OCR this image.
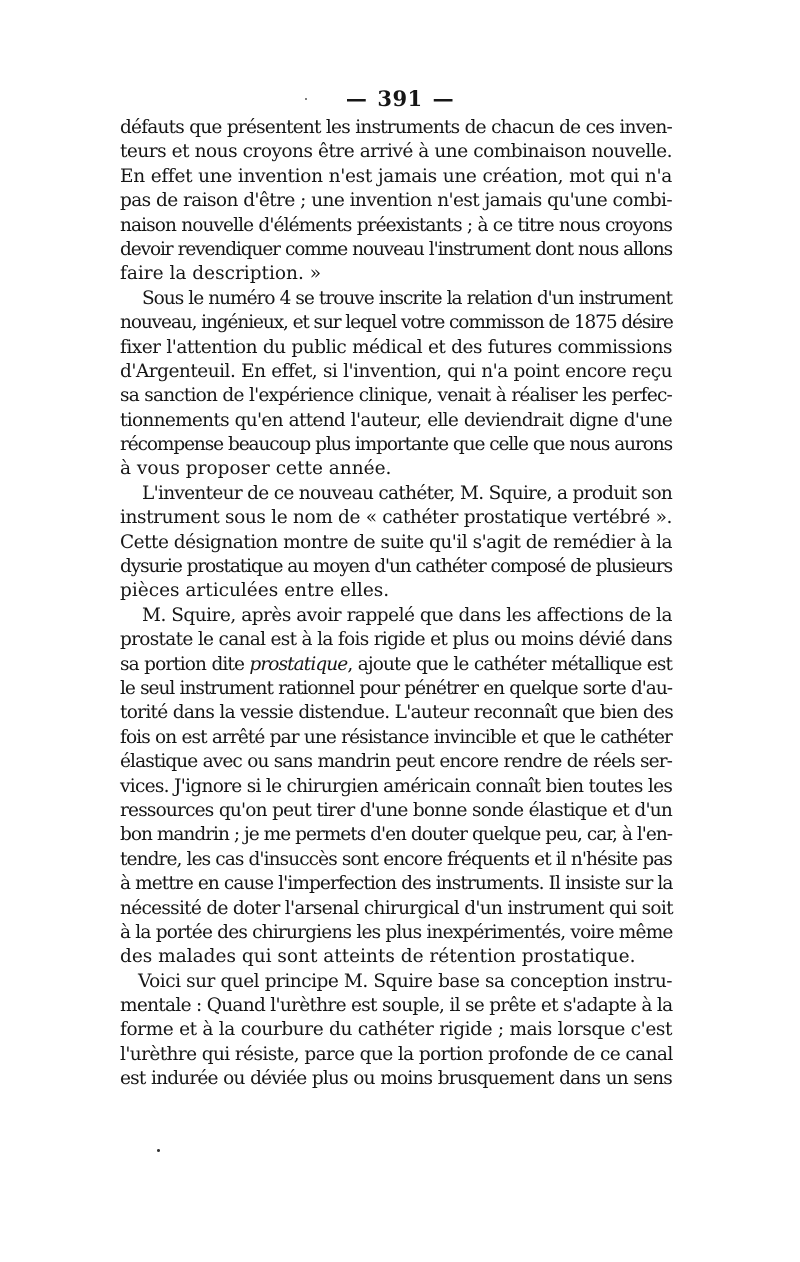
— 391 —
défauts que présentent les instruments de chacun de ces inven-
teurs et nous croyons être arrivé à une combinaison nouvelle.
En effet une invention n'est jamais une création, mot qui n'a
pas de raison d'être ; une invention n'est jamais qu'une combi-
naison nouvelle d'éléments préexistants ; à ce titre nous croyons
devoir revendiquer comme nouveau l'instrument dont nous allons
faire la description. »
Sous le numéro 4 se trouve inscrite la relation d'un instrument
nouveau, ingénieux, et sur lequel votre commisson de 1875 désire
fixer l'attention du public médical et des futures commissions
d'Argenteuil. En effet, si l'invention, qui n'a point encore reçu
sa sanction de l'expérience clinique, venait à réaliser les perfec-
tionnements qu'en attend l'auteur, elle deviendrait digne d'une
récompense beaucoup plus importante que celle que nous aurons
à vous proposer cette année.
L'inventeur de ce nouveau cathéter, M. Squire, a produit son
instrument sous le nom de « cathéter prostatique vertébré ».
Cette désignation montre de suite qu'il s'agit de remédier à la
dysurie prostatique au moyen d'un cathéter composé de plusieurs
pièces articulées entre elles.
M. Squire, après avoir rappelé que dans les affections de la
prostate le canal est à la fois rigide et plus ou moins dévié dans
sa portion dite prostatique, ajoute que le cathéter métallique est
le seul instrument rationnel pour pénétrer en quelque sorte d'au-
torité dans la vessie distendue. L'auteur reconnaît que bien des
fois on est arrêté par une résistance invincible et que le cathéter
élastique avec ou sans mandrin peut encore rendre de réels ser-
vices. J'ignore si le chirurgien américain connaît bien toutes les
ressources qu'on peut tirer d'une bonne sonde élastique et d'un
bon mandrin ; je me permets d'en douter quelque peu, car, à l'en-
tendre, les cas d'insuccès sont encore fréquents et il n'hésite pas
à mettre en cause l'imperfection des instruments. Il insiste sur la
nécessité de doter l'arsenal chirurgical d'un instrument qui soit
à la portée des chirurgiens les plus inexpérimentés, voire même
des malades qui sont atteints de rétention prostatique.
Voici sur quel principe M. Squire base sa conception instru-
mentale : Quand l'urèthre est souple, il se prête et s'adapte à la
forme et à la courbure du cathéter rigide ; mais lorsque c'est
l'urèthre qui résiste, parce que la portion profonde de ce canal
est indurée ou déviée plus ou moins brusquement dans un sens
